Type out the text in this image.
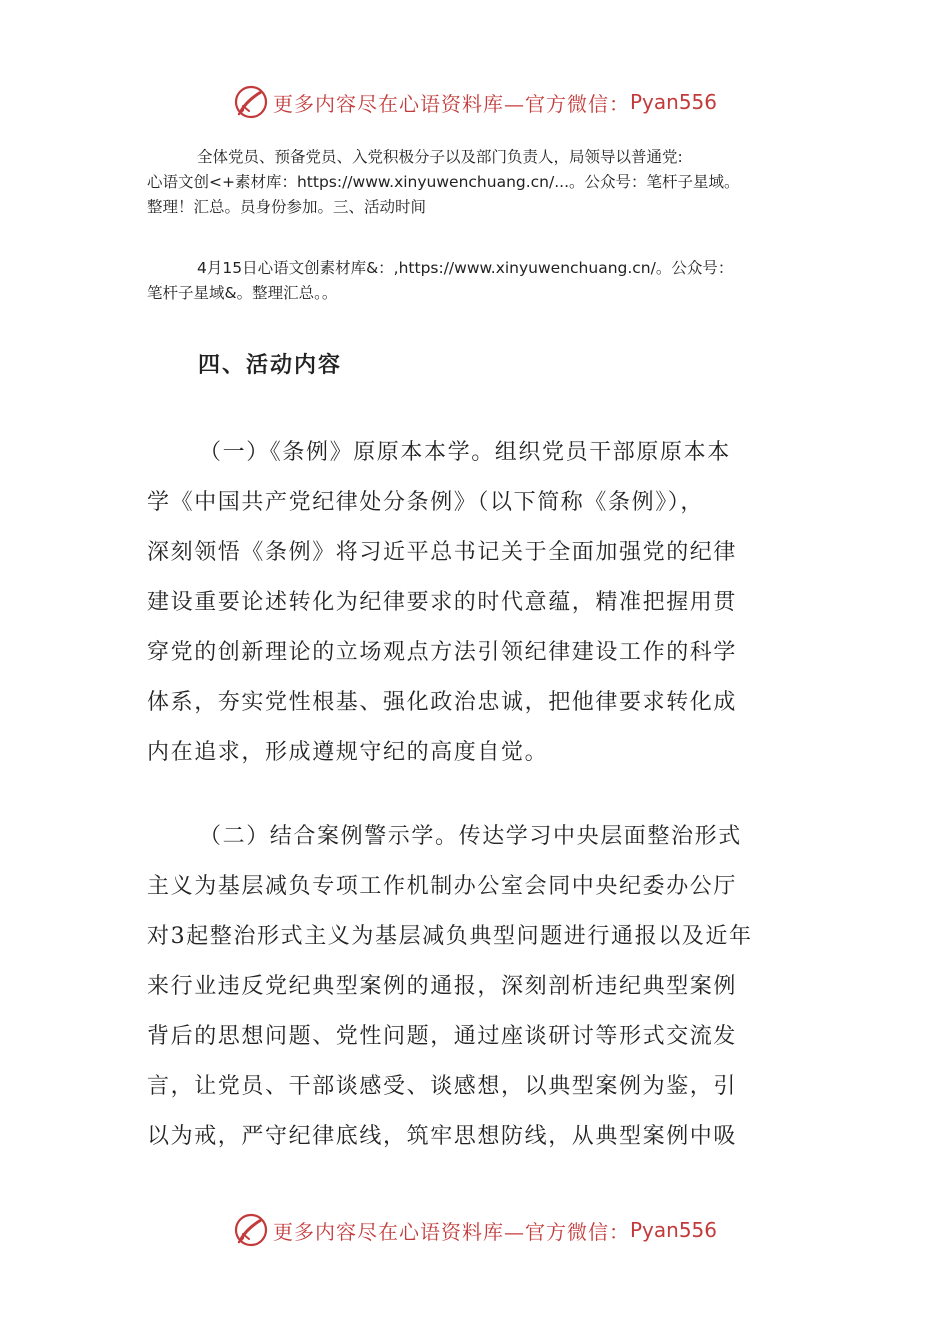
更多内容尽在心语资料库—官方微信： Pyan556

全体党员、预备党员、入党积极分子以及部门负责人，局领导以普通党:
心语文创<+素材库：https://www.xinyuwenchuang.cn/...。公众号：笔杆子星域。
整理！汇总。员身份参加。三、活动时间

4月15日心语文创素材库&：,https://www.xinyuwenchuang.cn/。公众号：
笔杆子星域&。整理汇总。。

四、活动内容

（一）《条例》原原本本学。组织党员干部原原本本
学《中国共产党纪律处分条例》（以下简称《条例》），
深刻领悟《条例》将习近平总书记关于全面加强党的纪律
建设重要论述转化为纪律要求的时代意蕴，精准把握用贯
穿党的创新理论的立场观点方法引领纪律建设工作的科学
体系，夯实党性根基、强化政治忠诚，把他律要求转化成
内在追求，形成遵规守纪的高度自觉。

（二）结合案例警示学。传达学习中央层面整治形式
主义为基层减负专项工作机制办公室会同中央纪委办公厅
对3起整治形式主义为基层减负典型问题进行通报以及近年
来行业违反党纪典型案例的通报，深刻剖析违纪典型案例
背后的思想问题、党性问题，通过座谈研讨等形式交流发
言，让党员、干部谈感受、谈感想，以典型案例为鉴，引
以为戒，严守纪律底线，筑牢思想防线，从典型案例中吸

更多内容尽在心语资料库—官方微信： Pyan556
